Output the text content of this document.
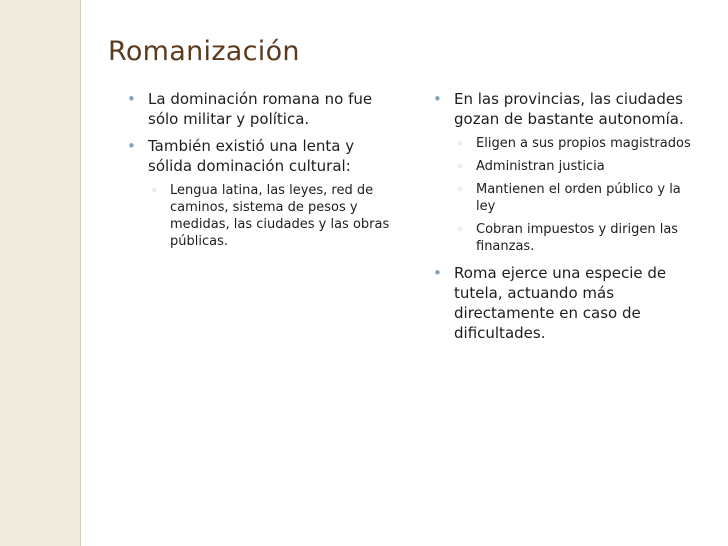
Romanización
• La dominación romana no fue sólo militar y política.
• También existió una lenta y sólida dominación cultural:
◦ Lengua latina, las leyes, red de caminos, sistema de pesos y medidas, las ciudades y las obras públicas.
• En las provincias, las ciudades gozan de bastante autonomía.
◦ Eligen a sus propios magistrados
◦ Administran justicia
◦ Mantienen el orden público y la ley
◦ Cobran impuestos y dirigen las finanzas.
• Roma ejerce una especie de tutela, actuando más directamente en caso de dificultades.
